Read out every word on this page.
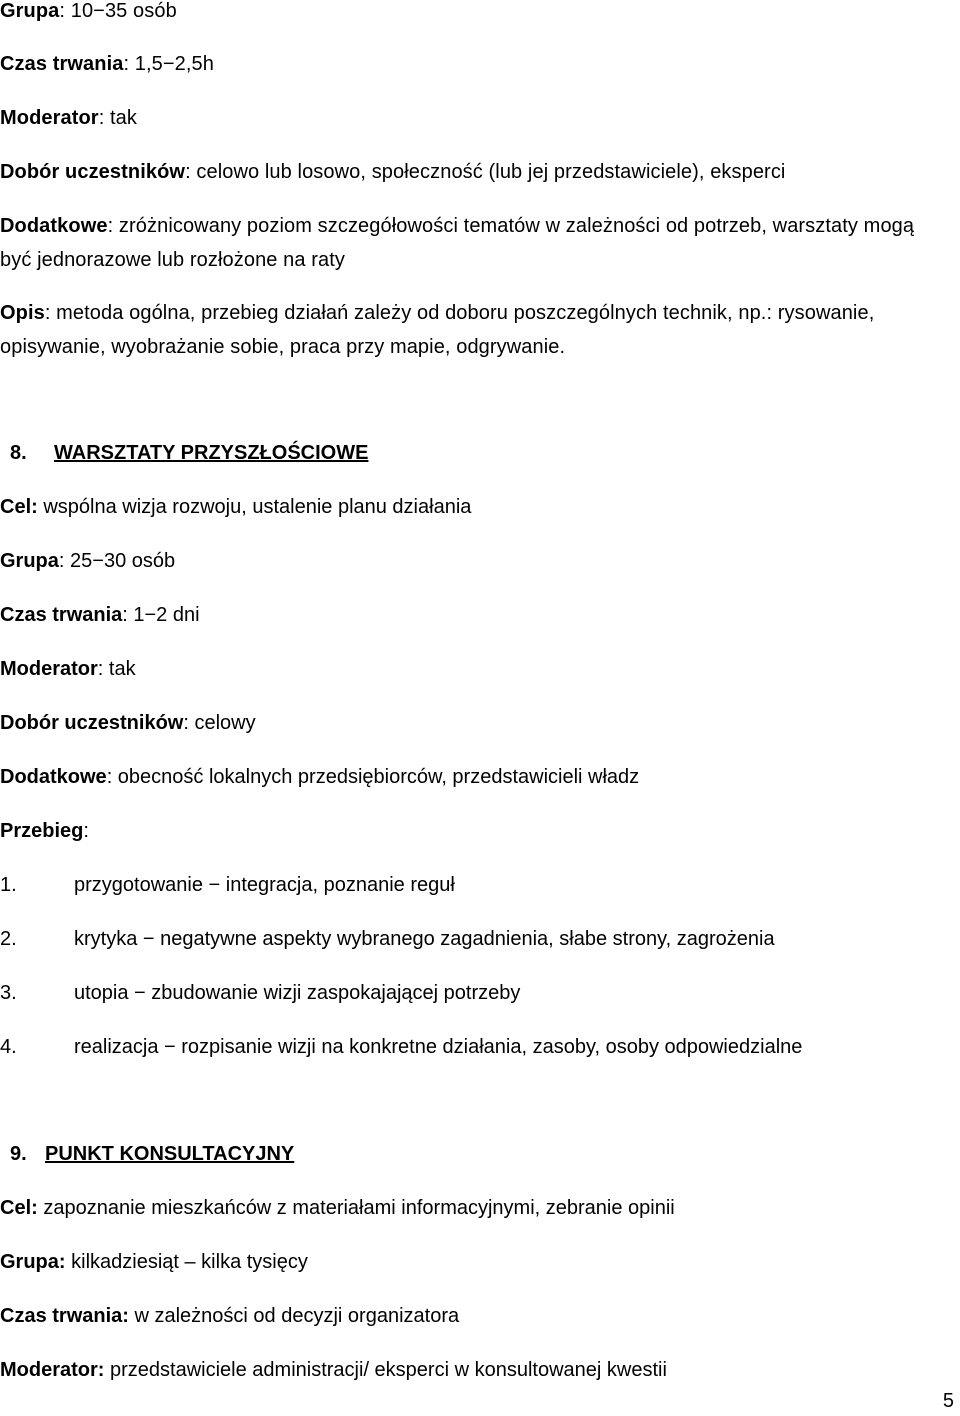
Grupa: 10−35 osób

Czas trwania: 1,5−2,5h

Moderator: tak

Dobór uczestników: celowo lub losowo, społeczność (lub jej przedstawiciele), eksperci

Dodatkowe: zróżnicowany poziom szczegółowości tematów w zależności od potrzeb, warsztaty mogą

być jednorazowe lub rozłożone na raty

Opis: metoda ogólna, przebieg działań zależy od doboru poszczególnych technik, np.: rysowanie,

opisywanie, wyobrażanie sobie, praca przy mapie, odgrywanie.

8. WARSZTATY PRZYSZŁOŚCIOWE

Cel: wspólna wizja rozwoju, ustalenie planu działania

Grupa: 25−30 osób

Czas trwania: 1−2 dni

Moderator: tak

Dobór uczestników: celowy

Dodatkowe: obecność lokalnych przedsiębiorców, przedstawicieli władz

Przebieg:

1.	przygotowanie − integracja, poznanie reguł

2.	krytyka − negatywne aspekty wybranego zagadnienia, słabe strony, zagrożenia

3.	utopia − zbudowanie wizji zaspokajającej potrzeby

4.	realizacja − rozpisanie wizji na konkretne działania, zasoby, osoby odpowiedzialne

9. PUNKT KONSULTACYJNY

Cel: zapoznanie mieszkańców z materiałami informacyjnymi, zebranie opinii

Grupa: kilkadziesiąt – kilka tysięcy

Czas trwania: w zależności od decyzji organizatora

Moderator: przedstawiciele administracji/ eksperci w konsultowanej kwestii

5
